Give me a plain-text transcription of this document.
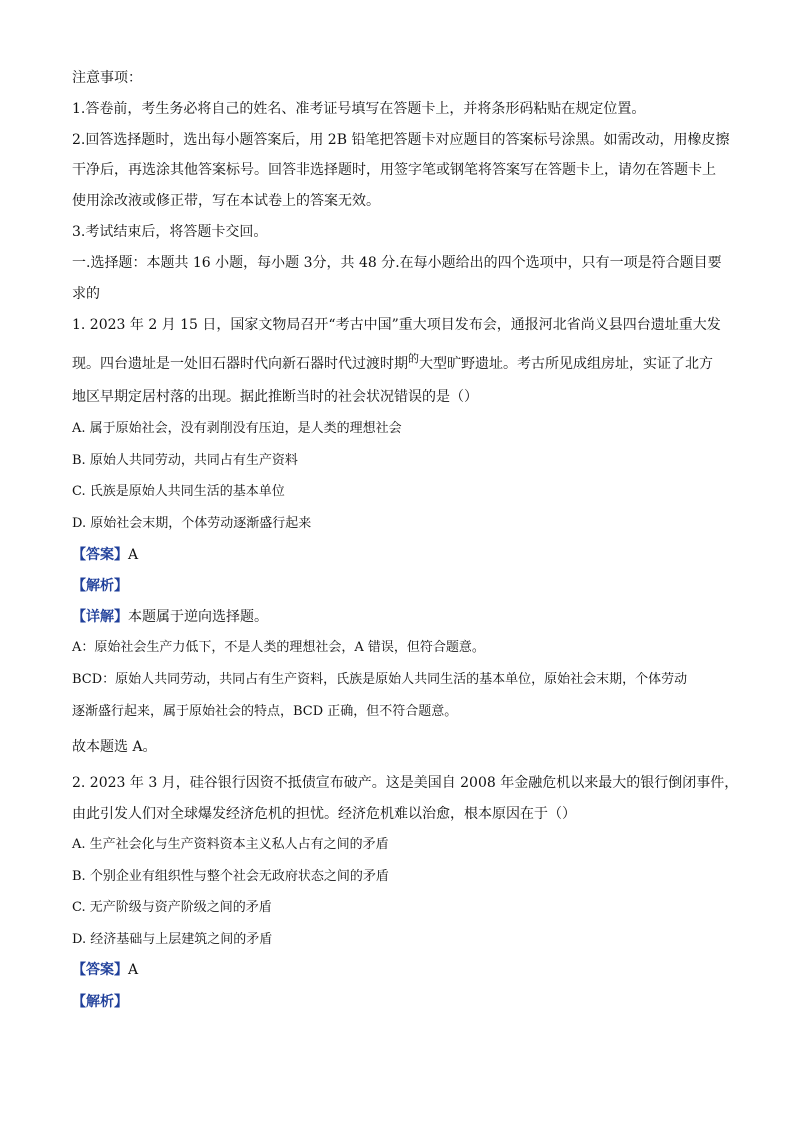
注意事项：
1.答卷前，考生务必将自己的姓名、准考证号填写在答题卡上，并将条形码粘贴在规定位置。
2.回答选择题时，选出每小题答案后，用 2B 铅笔把答题卡对应题目的答案标号涂黑。如需改动，用橡皮擦
干净后，再选涂其他答案标号。回答非选择题时，用签字笔或钢笔将答案写在答题卡上，请勿在答题卡上
使用涂改液或修正带，写在本试卷上的答案无效。
3.考试结束后，将答题卡交回。
一.选择题：本题共 16 小题，每小题 3分，共 48 分.在每小题给出的四个选项中，只有一项是符合题目要
求的
1. 2023 年 2 月 15 日，国家文物局召开“考古中国”重大项目发布会，通报河北省尚义县四台遗址重大发
现。四台遗址是一处旧石器时代向新石器时代过渡时期$^的$大型旷野遗址。考古所见成组房址，实证了北方
地区早期定居村落的出现。据此推断当时的社会状况错误的是（）
A. 属于原始社会，没有剥削没有压迫，是人类的理想社会
B. 原始人共同劳动，共同占有生产资料
C. 氏族是原始人共同生活的基本单位
D. 原始社会末期，个体劳动逐渐盛行起来
【答案】A
【解析】
【详解】本题属于逆向选择题。
A：原始社会生产力低下，不是人类的理想社会，A 错误，但符合题意。
BCD：原始人共同劳动，共同占有生产资料，氏族是原始人共同生活的基本单位，原始社会末期，个体劳动
逐渐盛行起来，属于原始社会的特点，BCD 正确，但不符合题意。
故本题选 A。
2. 2023 年 3 月，硅谷银行因资不抵债宣布破产。这是美国自 2008 年金融危机以来最大的银行倒闭事件，
由此引发人们对全球爆发经济危机的担忧。经济危机难以治愈，根本原因在于（）
A. 生产社会化与生产资料资本主义私人占有之间的矛盾
B. 个别企业有组织性与整个社会无政府状态之间的矛盾
C. 无产阶级与资产阶级之间的矛盾
D. 经济基础与上层建筑之间的矛盾
【答案】A
【解析】
